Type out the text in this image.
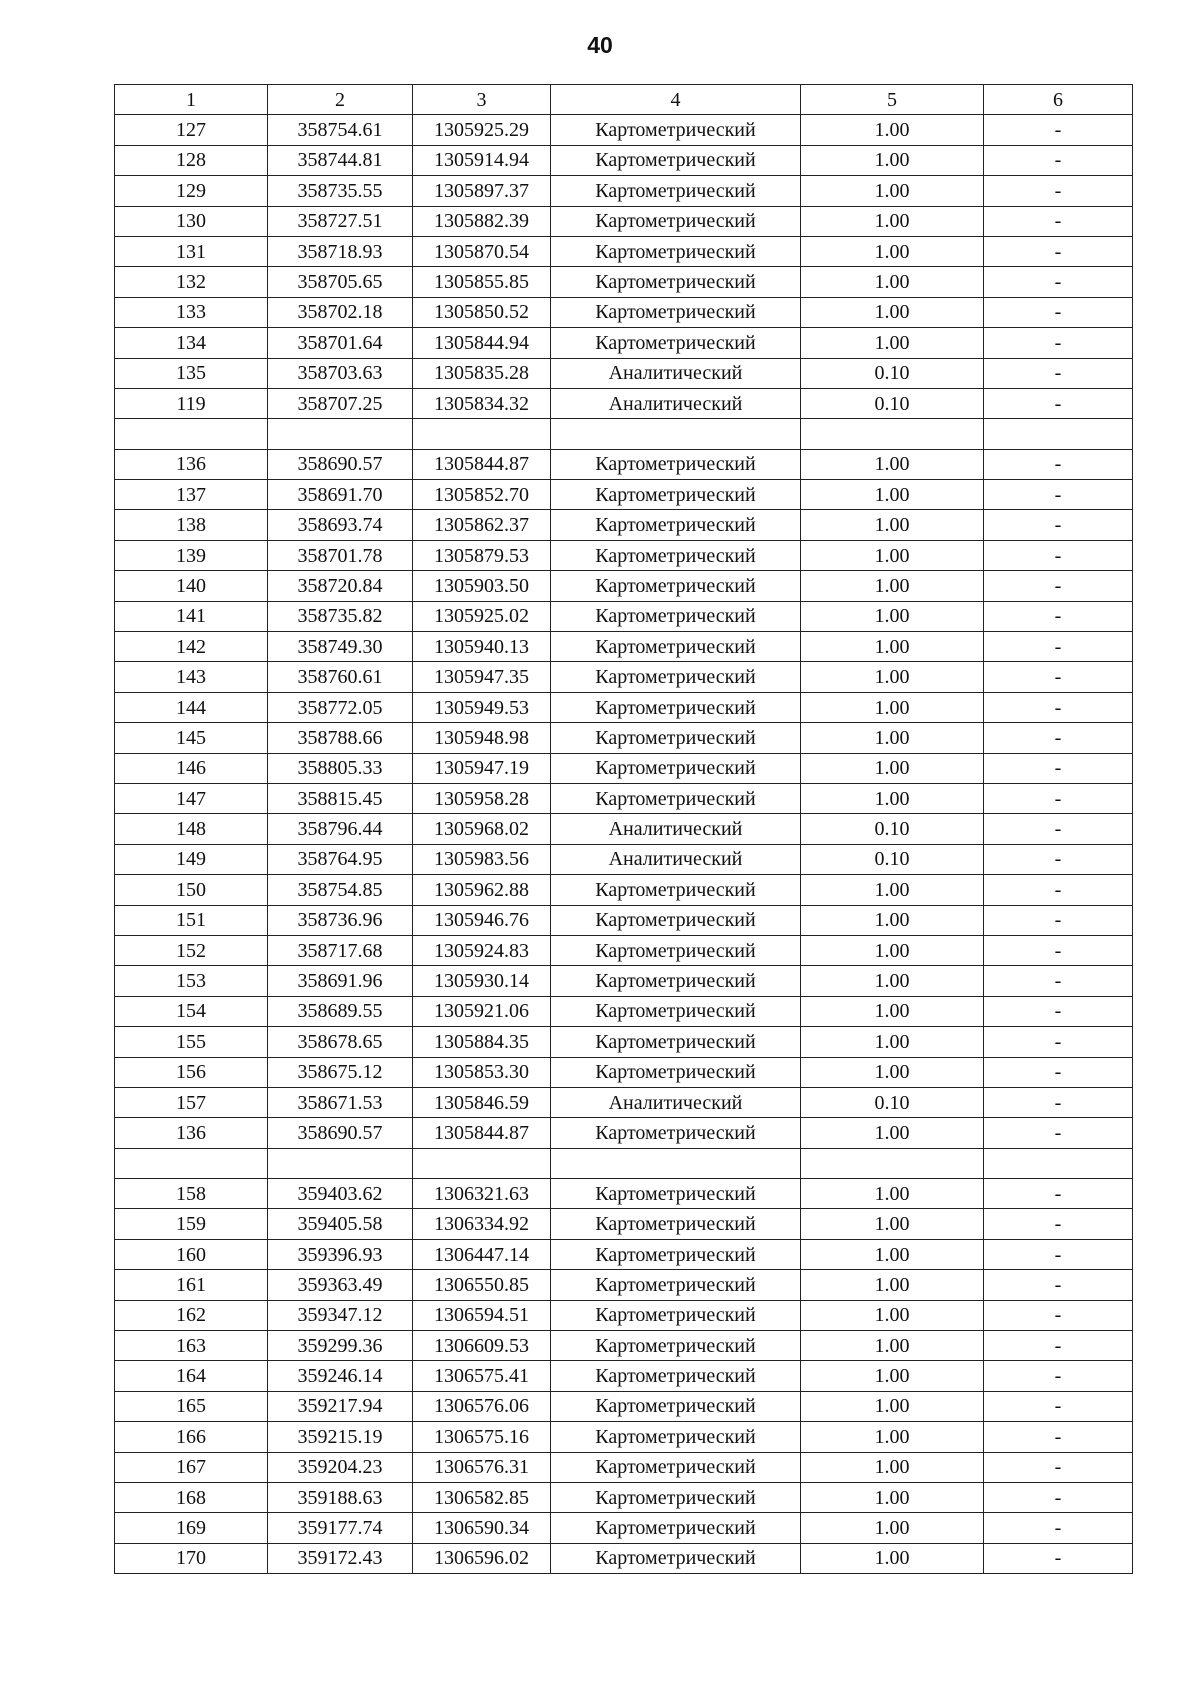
40
1	2	3	4	5	6
127	358754.61	1305925.29	Картометрический	1.00	-
128	358744.81	1305914.94	Картометрический	1.00	-
129	358735.55	1305897.37	Картометрический	1.00	-
130	358727.51	1305882.39	Картометрический	1.00	-
131	358718.93	1305870.54	Картометрический	1.00	-
132	358705.65	1305855.85	Картометрический	1.00	-
133	358702.18	1305850.52	Картометрический	1.00	-
134	358701.64	1305844.94	Картометрический	1.00	-
135	358703.63	1305835.28	Аналитический	0.10	-
119	358707.25	1305834.32	Аналитический	0.10	-

136	358690.57	1305844.87	Картометрический	1.00	-
137	358691.70	1305852.70	Картометрический	1.00	-
138	358693.74	1305862.37	Картометрический	1.00	-
139	358701.78	1305879.53	Картометрический	1.00	-
140	358720.84	1305903.50	Картометрический	1.00	-
141	358735.82	1305925.02	Картометрический	1.00	-
142	358749.30	1305940.13	Картометрический	1.00	-
143	358760.61	1305947.35	Картометрический	1.00	-
144	358772.05	1305949.53	Картометрический	1.00	-
145	358788.66	1305948.98	Картометрический	1.00	-
146	358805.33	1305947.19	Картометрический	1.00	-
147	358815.45	1305958.28	Картометрический	1.00	-
148	358796.44	1305968.02	Аналитический	0.10	-
149	358764.95	1305983.56	Аналитический	0.10	-
150	358754.85	1305962.88	Картометрический	1.00	-
151	358736.96	1305946.76	Картометрический	1.00	-
152	358717.68	1305924.83	Картометрический	1.00	-
153	358691.96	1305930.14	Картометрический	1.00	-
154	358689.55	1305921.06	Картометрический	1.00	-
155	358678.65	1305884.35	Картометрический	1.00	-
156	358675.12	1305853.30	Картометрический	1.00	-
157	358671.53	1305846.59	Аналитический	0.10	-
136	358690.57	1305844.87	Картометрический	1.00	-

158	359403.62	1306321.63	Картометрический	1.00	-
159	359405.58	1306334.92	Картометрический	1.00	-
160	359396.93	1306447.14	Картометрический	1.00	-
161	359363.49	1306550.85	Картометрический	1.00	-
162	359347.12	1306594.51	Картометрический	1.00	-
163	359299.36	1306609.53	Картометрический	1.00	-
164	359246.14	1306575.41	Картометрический	1.00	-
165	359217.94	1306576.06	Картометрический	1.00	-
166	359215.19	1306575.16	Картометрический	1.00	-
167	359204.23	1306576.31	Картометрический	1.00	-
168	359188.63	1306582.85	Картометрический	1.00	-
169	359177.74	1306590.34	Картометрический	1.00	-
170	359172.43	1306596.02	Картометрический	1.00	-
